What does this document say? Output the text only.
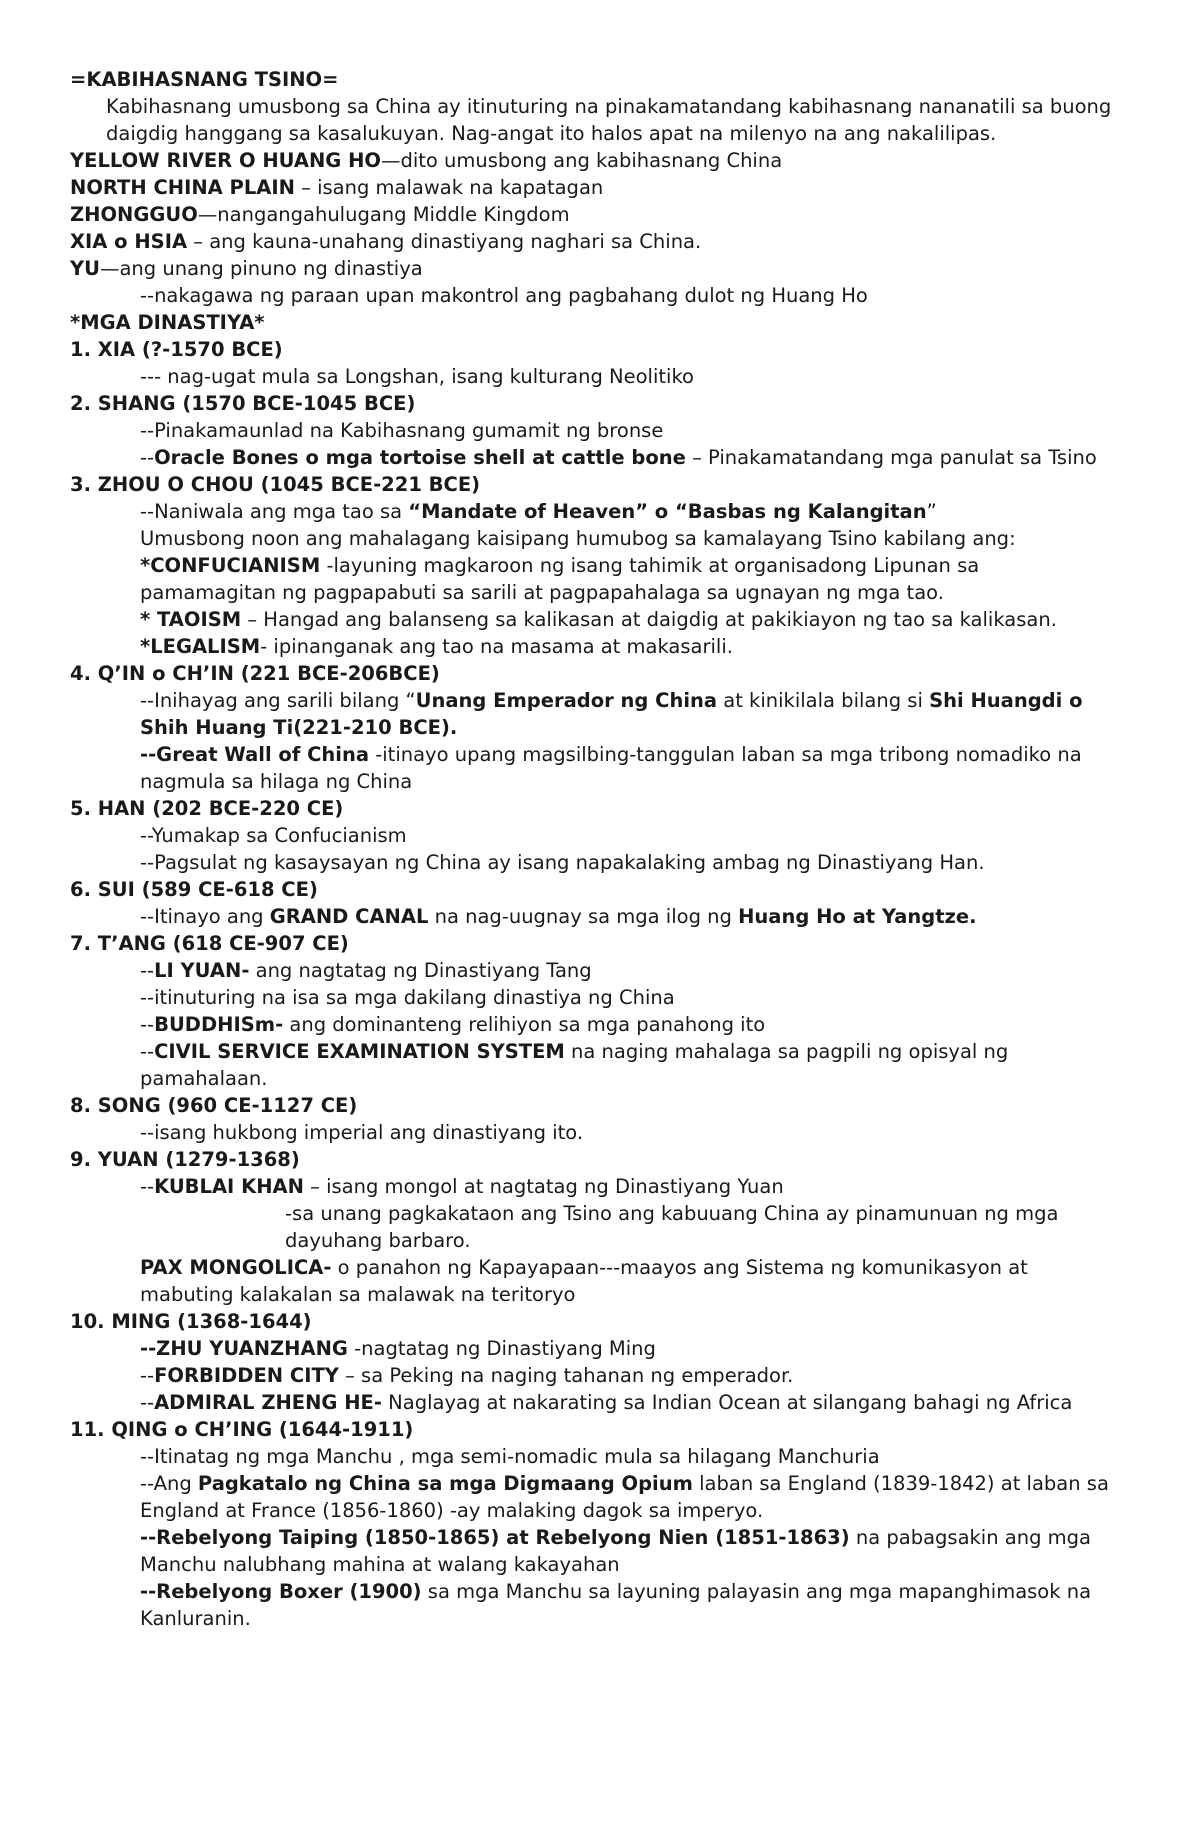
=KABIHASNANG TSINO=
Kabihasnang umusbong sa China ay itinuturing na pinakamatandang kabihasnang nananatili sa buong daigdig hanggang sa kasalukuyan. Nag-angat ito halos apat na milenyo na ang nakalilipas.
YELLOW RIVER O HUANG HO—dito umusbong ang kabihasnang China
NORTH CHINA PLAIN – isang malawak na kapatagan
ZHONGGUO—nangangahulugang Middle Kingdom
XIA o HSIA – ang kauna-unahang dinastiyang naghari sa China.
YU—ang unang pinuno ng dinastiya
--nakagawa ng paraan upan makontrol ang pagbahang dulot ng Huang Ho
*MGA DINASTIYA*
1. XIA (?-1570 BCE)
--- nag-ugat mula sa Longshan, isang kulturang Neolitiko
2. SHANG (1570 BCE-1045 BCE)
--Pinakamaunlad na Kabihasnang gumamit ng bronse
--Oracle Bones o mga tortoise shell at cattle bone – Pinakamatandang mga panulat sa Tsino
3. ZHOU O CHOU (1045 BCE-221 BCE)
--Naniwala ang mga tao sa “Mandate of Heaven” o “Basbas ng Kalangitan”
Umusbong noon ang mahalagang kaisipang humubog sa kamalayang Tsino kabilang ang:
*CONFUCIANISM -layuning magkaroon ng isang tahimik at organisadong Lipunan sa pamamagitan ng pagpapabuti sa sarili at pagpapahalaga sa ugnayan ng mga tao.
* TAOISM – Hangad ang balanseng sa kalikasan at daigdig at pakikiayon ng tao sa kalikasan.
*LEGALISM- ipinanganak ang tao na masama at makasarili.
4. Q’IN o CH’IN (221 BCE-206BCE)
--Inihayag ang sarili bilang “Unang Emperador ng China at kinikilala bilang si Shi Huangdi o Shih Huang Ti(221-210 BCE).
--Great Wall of China -itinayo upang magsilbing-tanggulan laban sa mga tribong nomadiko na nagmula sa hilaga ng China
5. HAN (202 BCE-220 CE)
--Yumakap sa Confucianism
--Pagsulat ng kasaysayan ng China ay isang napakalaking ambag ng Dinastiyang Han.
6. SUI (589 CE-618 CE)
--Itinayo ang GRAND CANAL na nag-uugnay sa mga ilog ng Huang Ho at Yangtze.
7. T’ANG (618 CE-907 CE)
--LI YUAN- ang nagtatag ng Dinastiyang Tang
--itinuturing na isa sa mga dakilang dinastiya ng China
--BUDDHISm- ang dominanteng relihiyon sa mga panahong ito
--CIVIL SERVICE EXAMINATION SYSTEM na naging mahalaga sa pagpili ng opisyal ng pamahalaan.
8. SONG (960 CE-1127 CE)
--isang hukbong imperial ang dinastiyang ito.
9. YUAN (1279-1368)
--KUBLAI KHAN – isang mongol at nagtatag ng Dinastiyang Yuan
-sa unang pagkakataon ang Tsino ang kabuuang China ay pinamunuan ng mga dayuhang barbaro.
PAX MONGOLICA- o panahon ng Kapayapaan---maayos ang Sistema ng komunikasyon at mabuting kalakalan sa malawak na teritoryo
10. MING (1368-1644)
--ZHU YUANZHANG -nagtatag ng Dinastiyang Ming
--FORBIDDEN CITY – sa Peking na naging tahanan ng emperador.
--ADMIRAL ZHENG HE- Naglayag at nakarating sa Indian Ocean at silangang bahagi ng Africa
11. QING o CH’ING (1644-1911)
--Itinatag ng mga Manchu , mga semi-nomadic mula sa hilagang Manchuria
--Ang Pagkatalo ng China sa mga Digmaang Opium laban sa England (1839-1842) at laban sa England at France (1856-1860) -ay malaking dagok sa imperyo.
--Rebelyong Taiping (1850-1865) at Rebelyong Nien (1851-1863) na pabagsakin ang mga Manchu nalubhang mahina at walang kakayahan
--Rebelyong Boxer (1900) sa mga Manchu sa layuning palayasin ang mga mapanghimasok na Kanluranin.
